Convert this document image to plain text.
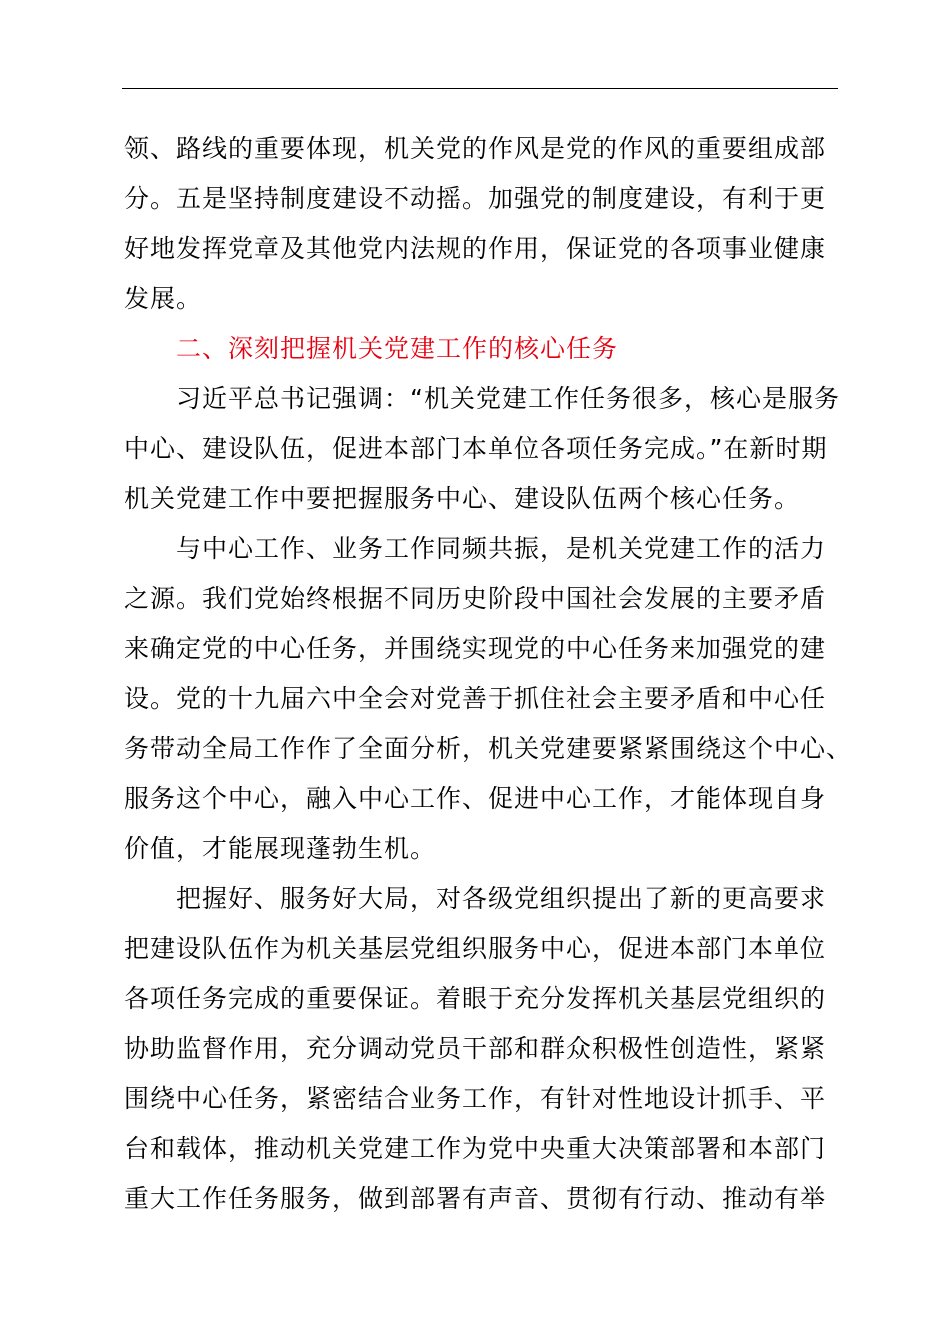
领、路线的重要体现，机关党的作风是党的作风的重要组成部
分。五是坚持制度建设不动摇。加强党的制度建设，有利于更
好地发挥党章及其他党内法规的作用，保证党的各项事业健康
发展。
二、深刻把握机关党建工作的核心任务
习近平总书记强调：“机关党建工作任务很多，核心是服务
中心、建设队伍，促进本部门本单位各项任务完成。”在新时期
机关党建工作中要把握服务中心、建设队伍两个核心任务。
与中心工作、业务工作同频共振，是机关党建工作的活力
之源。我们党始终根据不同历史阶段中国社会发展的主要矛盾
来确定党的中心任务，并围绕实现党的中心任务来加强党的建
设。党的十九届六中全会对党善于抓住社会主要矛盾和中心任
务带动全局工作作了全面分析，机关党建要紧紧围绕这个中心、
服务这个中心，融入中心工作、促进中心工作，才能体现自身
价值，才能展现蓬勃生机。
把握好、服务好大局，对各级党组织提出了新的更高要求
把建设队伍作为机关基层党组织服务中心，促进本部门本单位
各项任务完成的重要保证。着眼于充分发挥机关基层党组织的
协助监督作用，充分调动党员干部和群众积极性创造性，紧紧
围绕中心任务，紧密结合业务工作，有针对性地设计抓手、平
台和载体，推动机关党建工作为党中央重大决策部署和本部门
重大工作任务服务，做到部署有声音、贯彻有行动、推动有举
